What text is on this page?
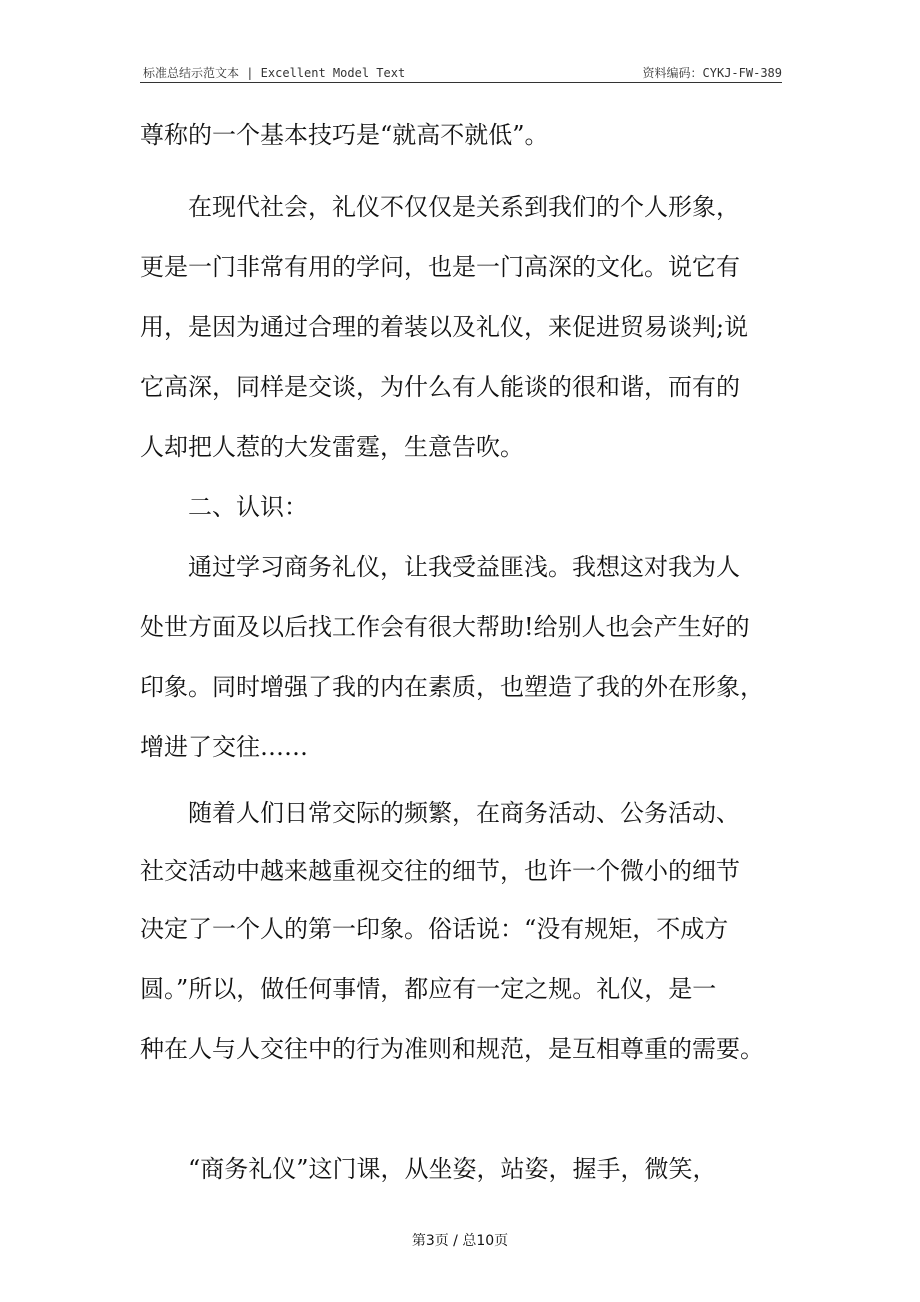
标准总结示范文本 | Excellent Model Text	资料编码：CYKJ-FW-389
尊称的一个基本技巧是“就高不就低”。
在现代社会，礼仪不仅仅是关系到我们的个人形象，
更是一门非常有用的学问，也是一门高深的文化。说它有
用，是因为通过合理的着装以及礼仪，来促进贸易谈判;说
它高深，同样是交谈，为什么有人能谈的很和谐，而有的
人却把人惹的大发雷霆，生意告吹。
二、认识：
通过学习商务礼仪，让我受益匪浅。我想这对我为人
处世方面及以后找工作会有很大帮助!给别人也会产生好的
印象。同时增强了我的内在素质，也塑造了我的外在形象，
增进了交往……
随着人们日常交际的频繁，在商务活动、公务活动、
社交活动中越来越重视交往的细节，也许一个微小的细节
决定了一个人的第一印象。俗话说：“没有规矩，不成方
圆。”所以，做任何事情，都应有一定之规。礼仪，是一
种在人与人交往中的行为准则和规范，是互相尊重的需要。
“商务礼仪”这门课，从坐姿，站姿，握手，微笑，
第3页 / 总10页
